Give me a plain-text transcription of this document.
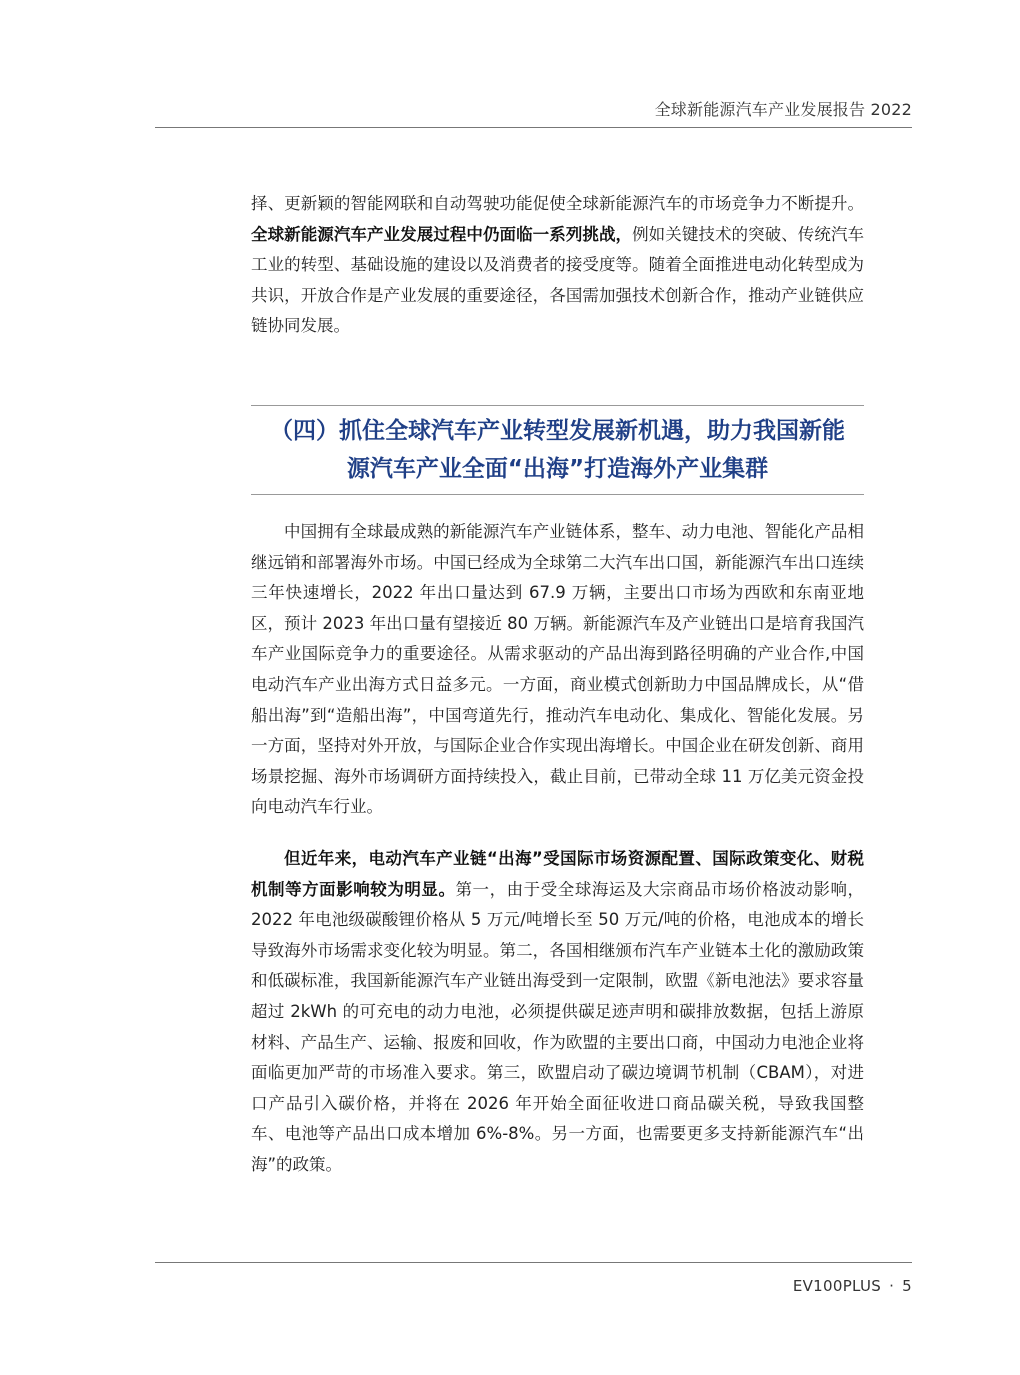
全球新能源汽车产业发展报告 2022

择、更新颖的智能网联和自动驾驶功能促使全球新能源汽车的市场竞争力不断提升。全球新能源汽车产业发展过程中仍面临一系列挑战，例如关键技术的突破、传统汽车工业的转型、基础设施的建设以及消费者的接受度等。随着全面推进电动化转型成为共识，开放合作是产业发展的重要途径，各国需加强技术创新合作，推动产业链供应链协同发展。

（四）抓住全球汽车产业转型发展新机遇，助力我国新能
源汽车产业全面“出海”打造海外产业集群

中国拥有全球最成熟的新能源汽车产业链体系，整车、动力电池、智能化产品相继远销和部署海外市场。中国已经成为全球第二大汽车出口国，新能源汽车出口连续三年快速增长，2022 年出口量达到 67.9 万辆，主要出口市场为西欧和东南亚地区，预计 2023 年出口量有望接近 80 万辆。新能源汽车及产业链出口是培育我国汽车产业国际竞争力的重要途径。从需求驱动的产品出海到路径明确的产业合作,中国电动汽车产业出海方式日益多元。一方面，商业模式创新助力中国品牌成长，从“借船出海”到“造船出海”，中国弯道先行，推动汽车电动化、集成化、智能化发展。另一方面，坚持对外开放，与国际企业合作实现出海增长。中国企业在研发创新、商用场景挖掘、海外市场调研方面持续投入，截止目前，已带动全球 11 万亿美元资金投向电动汽车行业。

但近年来，电动汽车产业链“出海”受国际市场资源配置、国际政策变化、财税机制等方面影响较为明显。第一，由于受全球海运及大宗商品市场价格波动影响，2022 年电池级碳酸锂价格从 5 万元/吨增长至 50 万元/吨的价格，电池成本的增长导致海外市场需求变化较为明显。第二，各国相继颁布汽车产业链本土化的激励政策和低碳标准，我国新能源汽车产业链出海受到一定限制，欧盟《新电池法》要求容量超过 2kWh 的可充电的动力电池，必须提供碳足迹声明和碳排放数据，包括上游原材料、产品生产、运输、报废和回收，作为欧盟的主要出口商，中国动力电池企业将面临更加严苛的市场准入要求。第三，欧盟启动了碳边境调节机制（CBAM），对进口产品引入碳价格，并将在 2026 年开始全面征收进口商品碳关税，导致我国整车、电池等产品出口成本增加 6%-8%。另一方面，也需要更多支持新能源汽车“出海”的政策。

EV100PLUS · 5
